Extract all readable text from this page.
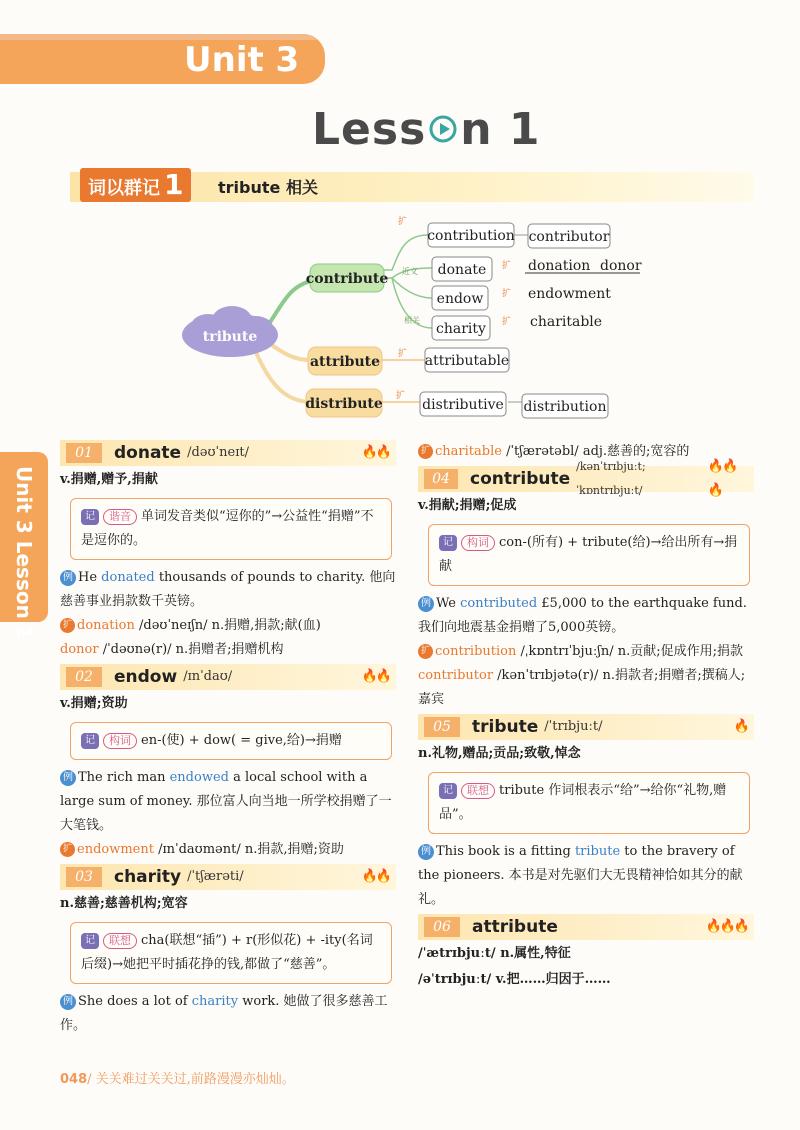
Unit 3
Less n 1
词以群记 1	tribute 相关
tribute
contribute
attribute
distribute
扩
近义
相关
扩
扩
扩
扩
扩
contribution contributor
donate	donation donor
endow	endowment
charity	charitable
attributable
distributive distribution
Unit 3 Lesson 1
01	donate /dəʊˈneɪt/	🔥🔥
v.捐赠,赠予,捐献
记 谐音 单词发音类似“逗你的”→公益性“捐赠”不是逗你的。
例 He donated thousands of pounds to charity. 他向慈善事业捐款数千英镑。
扩 donation /dəʊˈneɪʃn/ n.捐赠,捐款;献(血)
donor /ˈdəʊnə(r)/ n.捐赠者;捐赠机构
02	endow /ɪnˈdaʊ/	🔥🔥
v.捐赠;资助
记 构词 en-(使) + dow( = give,给)→捐赠
例 The rich man endowed a local school with a large sum of money. 那位富人向当地一所学校捐赠了一大笔钱。
扩 endowment /ɪnˈdaʊmənt/ n.捐款,捐赠;资助
03	charity /ˈtʃærəti/	🔥🔥
n.慈善;慈善机构;宽容
记 联想 cha(联想“插”) + r(形似花) + -ity(名词后缀)→她把平时插花挣的钱,都做了“慈善”。
例 She does a lot of charity work. 她做了很多慈善工作。
扩 charitable /ˈtʃærətəbl/ adj.慈善的;宽容的
04	contribute
/kənˈtrɪbjuːt; ˈkɒntrɪbjuːt/
🔥🔥🔥
v.捐献;捐赠;促成
记 构词 con-(所有) + tribute(给)→给出所有→捐献
例 We contributed £5,000 to the earthquake fund. 我们向地震基金捐赠了5,000英镑。
扩 contribution /ˌkɒntrɪˈbjuːʃn/ n.贡献;促成作用;捐款
contributor /kənˈtrɪbjətə(r)/ n.捐款者;捐赠者;撰稿人;嘉宾
05	tribute /ˈtrɪbjuːt/	🔥
n.礼物,赠品;贡品;致敬,悼念
记 联想 tribute 作词根表示“给”→给你“礼物,赠品”。
例 This book is a fitting tribute to the bravery of the pioneers. 本书是对先驱们大无畏精神恰如其分的献礼。
06	attribute	🔥🔥🔥
/ˈætrɪbjuːt/ n.属性,特征
/əˈtrɪbjuːt/ v.把……归因于……
048/ 关关难过关关过,前路漫漫亦灿灿。
